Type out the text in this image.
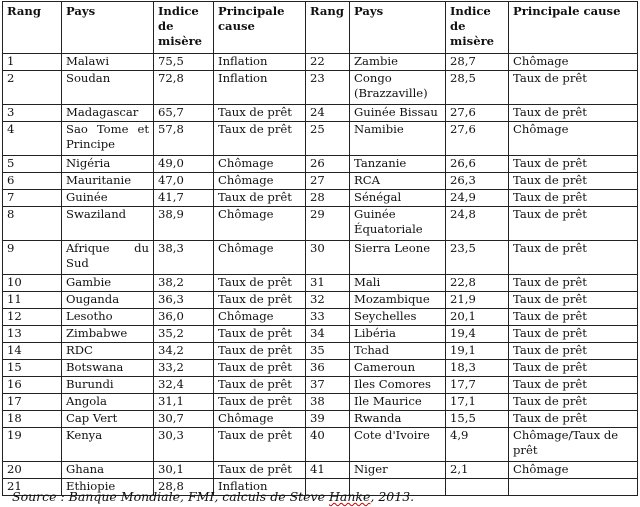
Rang	Pays	Indice de misère	Principale cause	Rang	Pays	Indice de misère	Principale cause
1	Malawi	75,5	Inflation	22	Zambie	28,7	Chômage
2	Soudan	72,8	Inflation	23	Congo (Brazzaville)	28,5	Taux de prêt
3	Madagascar	65,7	Taux de prêt	24	Guinée Bissau	27,6	Taux de prêt
4	Sao Tome et Principe	57,8	Taux de prêt	25	Namibie	27,6	Chômage
5	Nigéria	49,0	Chômage	26	Tanzanie	26,6	Taux de prêt
6	Mauritanie	47,0	Chômage	27	RCA	26,3	Taux de prêt
7	Guinée	41,7	Taux de prêt	28	Sénégal	24,9	Taux de prêt
8	Swaziland	38,9	Chômage	29	Guinée Équatoriale	24,8	Taux de prêt
9	Afrique du Sud	38,3	Chômage	30	Sierra Leone	23,5	Taux de prêt
10	Gambie	38,2	Taux de prêt	31	Mali	22,8	Taux de prêt
11	Ouganda	36,3	Taux de prêt	32	Mozambique	21,9	Taux de prêt
12	Lesotho	36,0	Chômage	33	Seychelles	20,1	Taux de prêt
13	Zimbabwe	35,2	Taux de prêt	34	Libéria	19,4	Taux de prêt
14	RDC	34,2	Taux de prêt	35	Tchad	19,1	Taux de prêt
15	Botswana	33,2	Taux de prêt	36	Cameroun	18,3	Taux de prêt
16	Burundi	32,4	Taux de prêt	37	Iles Comores	17,7	Taux de prêt
17	Angola	31,1	Taux de prêt	38	Ile Maurice	17,1	Taux de prêt
18	Cap Vert	30,7	Chômage	39	Rwanda	15,5	Taux de prêt
19	Kenya	30,3	Taux de prêt	40	Cote d'Ivoire	4,9	Chômage/Taux de prêt
20	Ghana	30,1	Taux de prêt	41	Niger	2,1	Chômage
21	Ethiopie	28,8	Inflation				
Source : Banque Mondiale, FMI, calculs de Steve Hanke, 2013.
